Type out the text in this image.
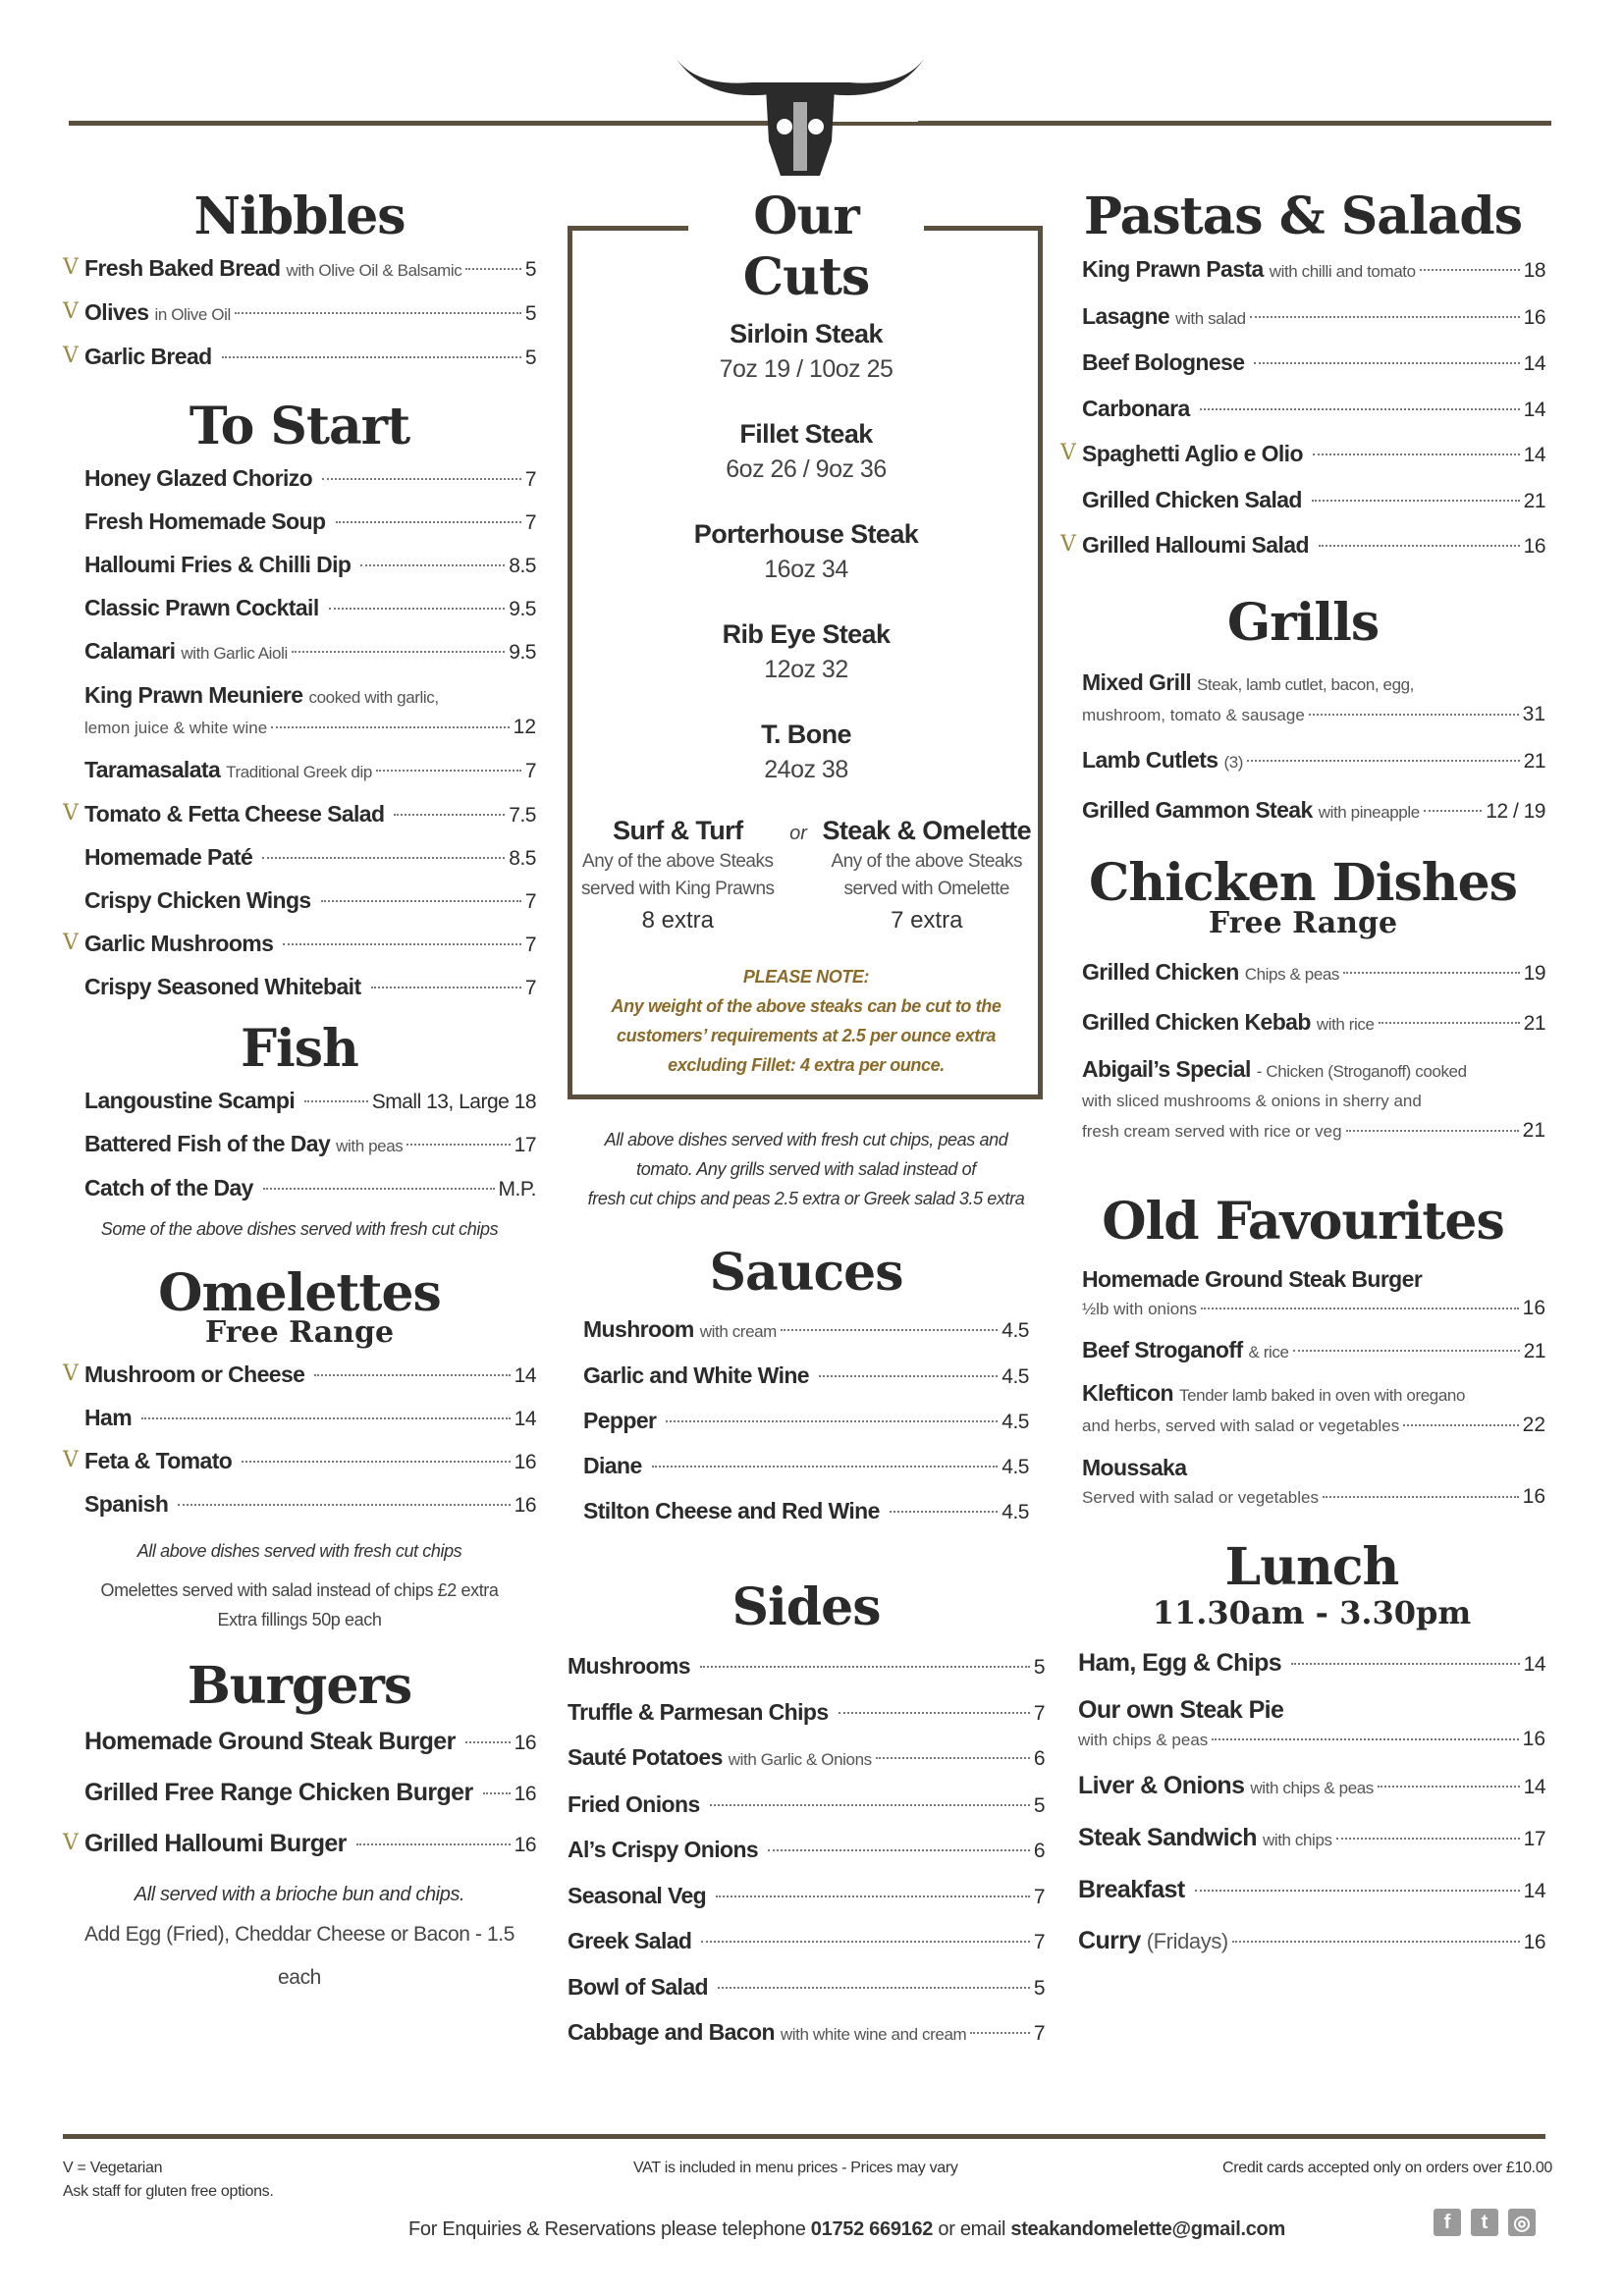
Nibbles
V Fresh Baked Bread with Olive Oil & Balsamic	5
V Olives in Olive Oil	5
V Garlic Bread	5
To Start
Honey Glazed Chorizo	7
Fresh Homemade Soup	7
Halloumi Fries & Chilli Dip	8.5
Classic Prawn Cocktail	9.5
Calamari with Garlic Aioli	9.5
King Prawn Meuniere cooked with garlic,
lemon juice & white wine	12
Taramasalata Traditional Greek dip	7
V Tomato & Fetta Cheese Salad	7.5
Homemade Paté	8.5
Crispy Chicken Wings	7
V Garlic Mushrooms	7
Crispy Seasoned Whitebait	7
Fish
Langoustine Scampi	Small 13, Large 18
Battered Fish of the Day with peas	17
Catch of the Day	M.P.
Some of the above dishes served with fresh cut chips
Omelettes
Free Range
V Mushroom or Cheese	14
Ham	14
V Feta & Tomato	16
Spanish	16
All above dishes served with fresh cut chips
Omelettes served with salad instead of chips £2 extra
Extra fillings 50p each
Burgers
Homemade Ground Steak Burger	16
Grilled Free Range Chicken Burger 16
V Grilled Halloumi Burger	16
All served with a brioche bun and chips.
Add Egg (Fried), Cheddar Cheese or Bacon - 1.5 each
Our Cuts
Sirloin Steak
7oz 19 / 10oz 25
Fillet Steak
6oz 26 / 9oz 36
Porterhouse Steak
16oz 34
Rib Eye Steak
12oz 32
T. Bone
24oz 38
Surf & Turf
Any of the above Steaks
served with King Prawns
8 extra
or Steak & Omelette
Any of the above Steaks
served with Omelette
7 extra
PLEASE NOTE:
Any weight of the above steaks can be cut to the
customers’ requirements at 2.5 per ounce extra
excluding Fillet: 4 extra per ounce.
All above dishes served with fresh cut chips, peas and
tomato. Any grills served with salad instead of
fresh cut chips and peas 2.5 extra or Greek salad 3.5 extra
Sauces
Mushroom with cream	4.5
Garlic and White Wine	4.5
Pepper	4.5
Diane	4.5
Stilton Cheese and Red Wine	4.5
Sides
Mushrooms	5
Truffle & Parmesan Chips	7
Sauté Potatoes with Garlic & Onions	6
Fried Onions	5
Al’s Crispy Onions	6
Seasonal Veg	7
Greek Salad	7
Bowl of Salad	5
Cabbage and Bacon with white wine and cream	7
Pastas & Salads
King Prawn Pasta with chilli and tomato	18
Lasagne with salad	16
Beef Bolognese	14
Carbonara	14
V Spaghetti Aglio e Olio	14
Grilled Chicken Salad	21
V Grilled Halloumi Salad	16
Grills
Mixed Grill Steak, lamb cutlet, bacon, egg,
mushroom, tomato & sausage	31
Lamb Cutlets (3)	21
Grilled Gammon Steak with pineapple	12 / 19
Chicken Dishes
Free Range
Grilled Chicken Chips & peas	19
Grilled Chicken Kebab with rice	21
Abigail’s Special - Chicken (Stroganoff) cooked
with sliced mushrooms & onions in sherry and
fresh cream served with rice or veg	21
Old Favourites
Homemade Ground Steak Burger
½lb with onions	16
Beef Stroganoff & rice	21
Klefticon Tender lamb baked in oven with oregano
and herbs, served with salad or vegetables	22
Moussaka
Served with salad or vegetables	16
Lunch
11.30am - 3.30pm
Ham, Egg & Chips	14
Our own Steak Pie
with chips & peas	16
Liver & Onions with chips & peas	14
Steak Sandwich with chips	17
Breakfast	14
Curry (Fridays)	16
V = Vegetarian
Ask staff for gluten free options.
VAT is included in menu prices - Prices may vary	Credit cards accepted only on orders over £10.00
For Enquiries & Reservations please telephone 01752 669162 or email steakandomelette@gmail.com	f	t	◎
